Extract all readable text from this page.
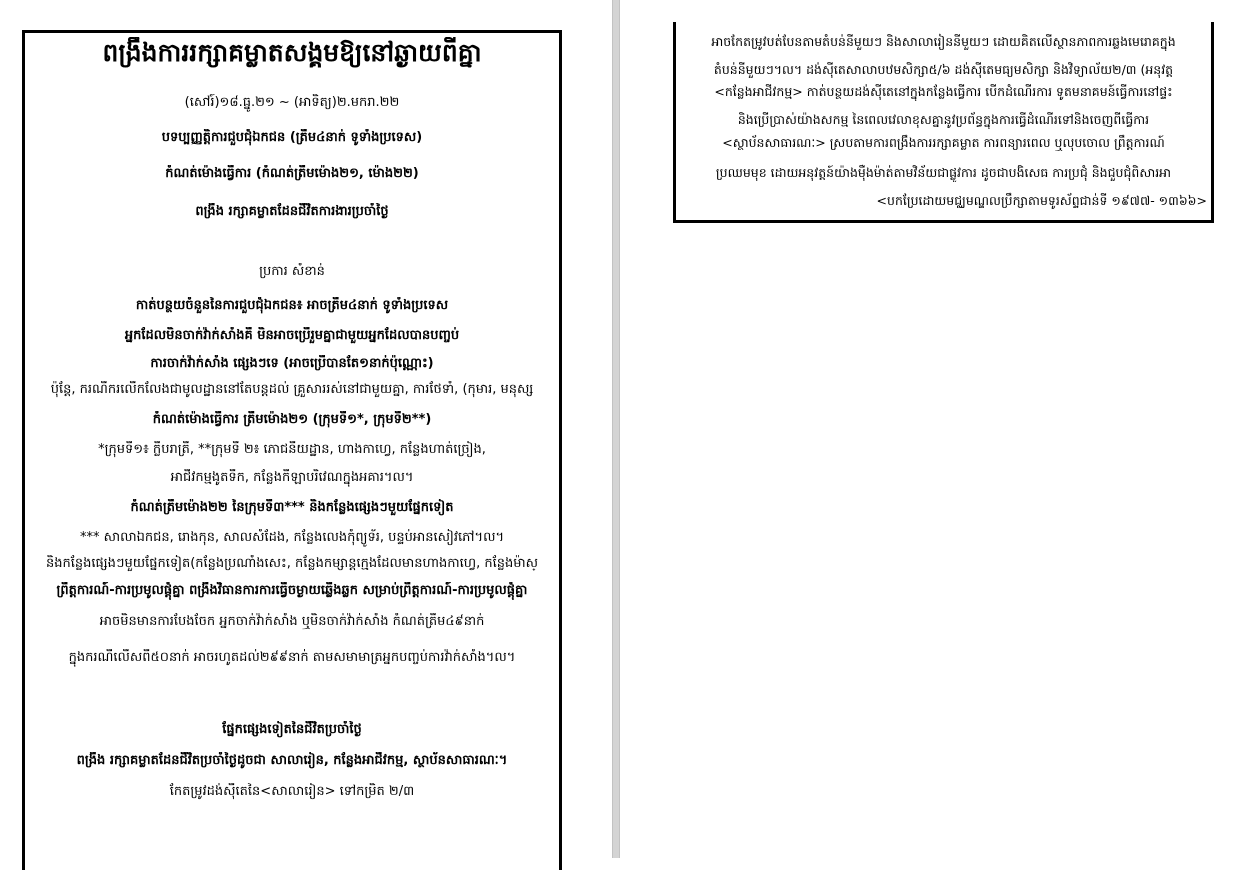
ពង្រឹងការរក្សាគម្លាតសង្គមឱ្យនៅឆ្ងាយពីគ្នា
(សៅរ៍)១៨.ធ្នូ.២១ ~ (អាទិត្យ)២.មករា.២២
បទប្បញ្ញត្តិការជួបជុំឯកជន (ត្រឹម៤នាក់ ទូទាំងប្រទេស)
កំណត់ម៉ោងធ្វើការ (កំណត់ត្រឹមម៉ោង២១, ម៉ោង២២)
ពង្រឹង រក្សាគម្លាតដែនជីវិតការងារប្រចាំថ្ងៃ
ប្រការ សំខាន់
កាត់បន្ថយចំនួននៃការជួបជុំឯកជន៖ អាចត្រឹម៤នាក់ ទូទាំងប្រទេស
អ្នកដែលមិនចាក់វ៉ាក់សាំងគឺ មិនអាចប្រើរួមគ្នាជាមួយអ្នកដែលបានបញ្ចប់
ការចាក់វ៉ាក់សាំង ផ្សេងៗទេ (អាចប្រើបានតែ១នាក់ប៉ុណ្ណោះ)
ប៉ុន្តែ, ករណីករលើកលែងជាមូលដ្ឋាននៅតែបន្តដល់ គ្រួសាររស់នៅជាមួយគ្នា, ការថែទាំ, (កុមារ, មនុស្ស
កំណត់ម៉ោងធ្វើការ ត្រឹមម៉ោង២១ (ក្រុមទី១*, ក្រុមទី២**)
*ក្រុមទី១៖ ក្លឹបរាត្រី, **ក្រុមទី ២៖ ភោជនីយដ្ឋាន, ហាងកាហ្វេ, កន្លែងហាត់ច្រៀង,
អាជីវកម្មងូតទឹក, កន្លែងកីឡាបរិវេណក្នុងអគារ។ល។
កំណត់ត្រឹមម៉ោង២២ នៃក្រុមទី៣*** និងកន្លែងផ្សេងៗមួយផ្នែកទៀត
*** សាលាឯកជន, រោងកុន, សាលសំដែង, កន្លែងលេងកុំព្យូទ័រ, បន្ទប់អានសៀវភៅ។ល។
និងកន្លែងផ្សេងៗមួយផ្នែកទៀត(កន្លែងប្រណាំងសេះ, កន្លែងកម្សាន្តក្មេងដែលមានហាងកាហ្វេ, កន្លែងម៉ាស្
ព្រឹត្តការណ៍-ការប្រមូលផ្តុំគ្នា ពង្រឹងវិធានការការធ្វើចម្ងាយឆ្លើងឆ្លក សម្រាប់ព្រឹត្តការណ៍-ការប្រមូលផ្តុំគ្នា
អាចមិនមានការបែងចែក អ្នកចាក់វ៉ាក់សាំង ឬមិនចាក់វ៉ាក់សាំង កំណត់ត្រឹម៤៩នាក់
ក្នុងករណីលើសពី៥០នាក់ អាចរហូតដល់២៩៩នាក់ តាមសមាមាត្រអ្នកបញ្ចប់ការវ៉ាក់សាំង។ល។
ផ្នែកផ្សេងទៀតនៃជីវិតប្រចាំថ្ងៃ
ពង្រឹង រក្សាគម្លាតដែនជីវិតប្រចាំថ្ងៃដូចជា សាលារៀន, កន្លែងអាជីវកម្ម, ស្ថាប័នសាធារណៈ។
កែតម្រូវដង់ស៊ីតេនៃ<សាលារៀន> ទៅកម្រិត ២/៣
អាចកែតម្រូវបត់បែនតាមតំបន់នីមួយៗ និងសាលារៀននីមួយៗ ដោយគិតលើស្ថានភាពការឆ្លងមេរោគក្នុង
តំបន់នីមួយៗ។ល។ ដង់ស៊ីតេសាលាបឋមសិក្សា៥/៦ ដង់ស៊ីតេមធ្យមសិក្សា និងវិទ្យាល័យ២/៣ (អនុវត្ត
<កន្លែងអាជីវកម្ម> កាត់បន្ថយដង់ស៊ីតេនៅក្នុងកន្លែងធ្វើការ បើកដំណើរការ ទូតមនាគមន៍ធ្វើការនៅផ្ទះ
និងប្រើប្រាស់យ៉ាងសកម្ម នៃពេលវេលាខុសគ្នានូវប្រព័ន្ធក្នុងការធ្វើដំណើរទៅនិងចេញពីធ្វើការ
<ស្ថាប័នសាធារណៈ> ស្របតាមការពង្រឹងការរក្សាគម្លាត ការពន្យារពេល ឬលុបចោល ព្រឹត្តការណ៍
ប្រឈមមុខ ដោយអនុវត្តន៍យ៉ាងម៉ឺងម៉ាត់តាមវិន័យជាផ្លូវការ ដូចជាបងិសេធ ការប្រជុំ និងជួបជុំពិសារអា
<បកប្រែដោយមជ្ឈមណ្ឌលប្រឹក្សាតាមទូរស័ព្ទជាន់ទី ១៩៧៧- ១៣៦៦>
